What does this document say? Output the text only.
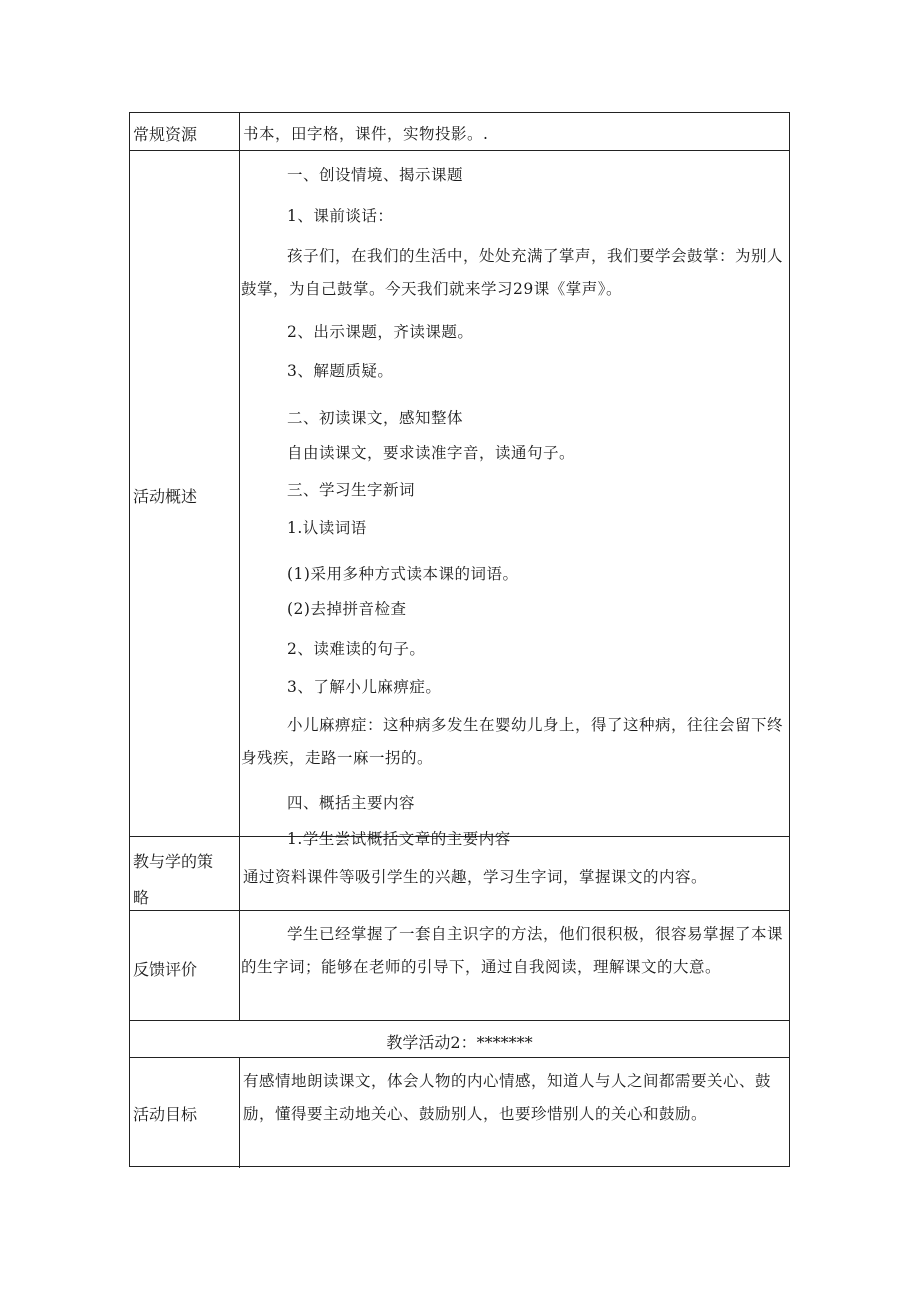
常规资源	书本，田字格，课件，实物投影。.
活动概述
一、创设情境、揭示课题
1、课前谈话：
孩子们，在我们的生活中，处处充满了掌声，我们要学会鼓掌：为别人鼓掌，为自己鼓掌。今天我们就来学习29课《掌声》。
2、出示课题，齐读课题。
3、解题质疑。
二、初读课文，感知整体
自由读课文，要求读准字音，读通句子。
三、学习生字新词
1.认读词语
(1)采用多种方式读本课的词语。
(2)去掉拼音检查
2、读难读的句子。
3、了解小儿麻痹症。
小儿麻痹症：这种病多发生在婴幼儿身上，得了这种病，往往会留下终身残疾，走路一麻一拐的。
四、概括主要内容
1.学生尝试概括文章的主要内容
教与学的策
略
通过资料课件等吸引学生的兴趣，学习生字词，掌握课文的内容。
反馈评价
学生已经掌握了一套自主识字的方法，他们很积极，很容易掌握了本课的生字词；能够在老师的引导下，通过自我阅读，理解课文的大意。
教学活动2：*******
活动目标
有感情地朗读课文，体会人物的内心情感，知道人与人之间都需要关心、鼓励，懂得要主动地关心、鼓励别人，也要珍惜别人的关心和鼓励。
